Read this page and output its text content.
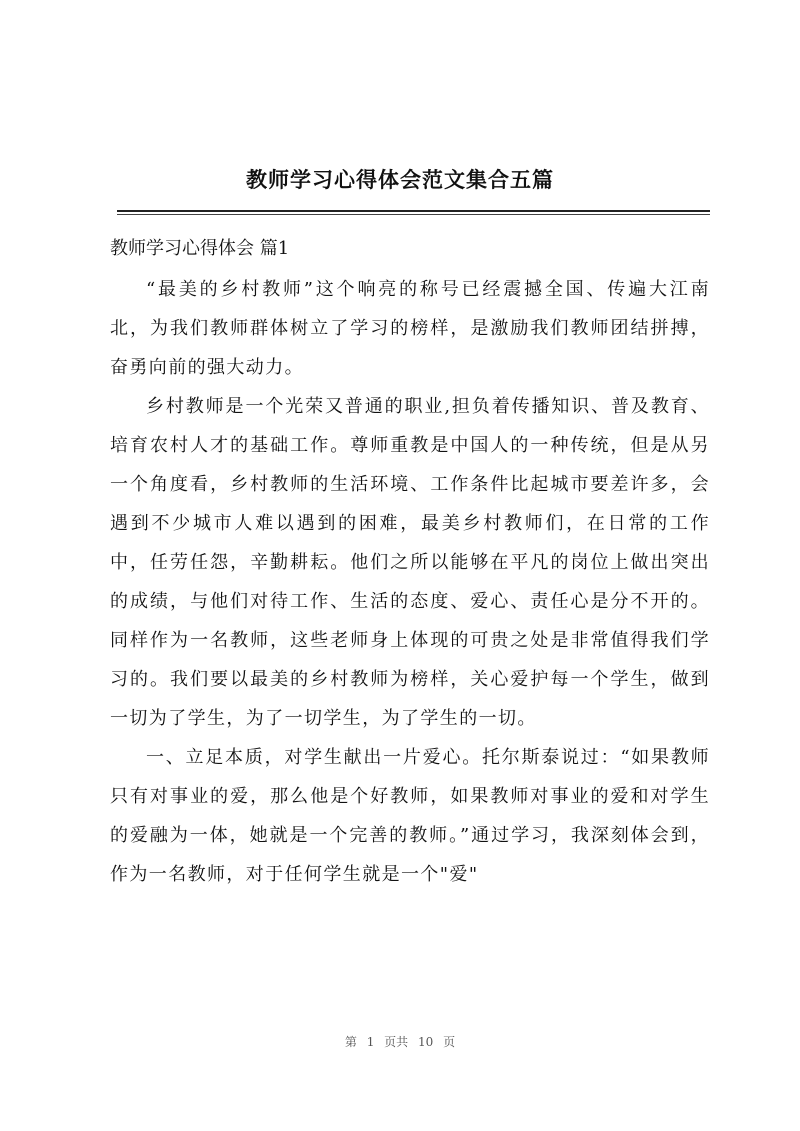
教师学习心得体会范文集合五篇
教师学习心得体会 篇1

“最美的乡村教师”这个响亮的称号已经震撼全国、传遍大江南北，为我们教师群体树立了学习的榜样，是激励我们教师团结拼搏，奋勇向前的强大动力。

乡村教师是一个光荣又普通的职业,担负着传播知识、普及教育、培育农村人才的基础工作。尊师重教是中国人的一种传统，但是从另一个角度看，乡村教师的生活环境、工作条件比起城市要差许多，会遇到不少城市人难以遇到的困难，最美乡村教师们，在日常的工作中，任劳任怨，辛勤耕耘。他们之所以能够在平凡的岗位上做出突出的成绩，与他们对待工作、生活的态度、爱心、责任心是分不开的。同样作为一名教师，这些老师身上体现的可贵之处是非常值得我们学习的。我们要以最美的乡村教师为榜样，关心爱护每一个学生，做到一切为了学生，为了一切学生，为了学生的一切。

一、立足本质，对学生献出一片爱心。托尔斯泰说过：“如果教师只有对事业的爱，那么他是个好教师，如果教师对事业的爱和对学生的爱融为一体，她就是一个完善的教师。”通过学习，我深刻体会到，作为一名教师，对于任何学生就是一个"爱"

第 1 页共 10 页
